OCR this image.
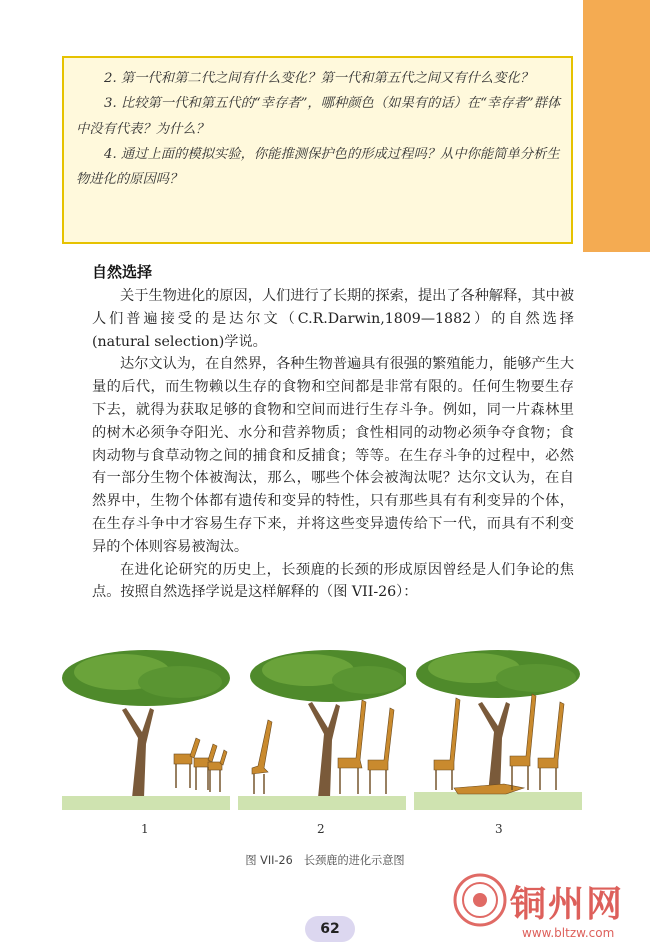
2. 第一代和第二代之间有什么变化？第一代和第五代之间又有什么变化？

3. 比较第一代和第五代的“幸存者”，哪种颜色（如果有的话）在“幸存者”群体中没有代表？为什么？

4. 通过上面的模拟实验，你能推测保护色的形成过程吗？从中你能简单分析生物进化的原因吗？

自然选择

关于生物进化的原因，人们进行了长期的探索，提出了各种解释，其中被人们普遍接受的是达尔文（C.R.Darwin,1809—1882）的自然选择(natural selection)学说。

达尔文认为，在自然界，各种生物普遍具有很强的繁殖能力，能够产生大量的后代，而生物赖以生存的食物和空间都是非常有限的。任何生物要生存下去，就得为获取足够的食物和空间而进行生存斗争。例如，同一片森林里的树木必须争夺阳光、水分和营养物质；食性相同的动物必须争夺食物；食肉动物与食草动物之间的捕食和反捕食；等等。在生存斗争的过程中，必然有一部分生物个体被淘汰，那么，哪些个体会被淘汰呢？达尔文认为，在自然界中，生物个体都有遗传和变异的特性，只有那些具有有利变异的个体，在生存斗争中才容易生存下来，并将这些变异遗传给下一代，而具有不利变异的个体则容易被淘汰。

在进化论研究的历史上，长颈鹿的长颈的形成原因曾经是人们争论的焦点。按照自然选择学说是这样解释的（图 VII-26）：

1	2	3
图 VII-26　长颈鹿的进化示意图
62
铜州网
www.bltzw.com
